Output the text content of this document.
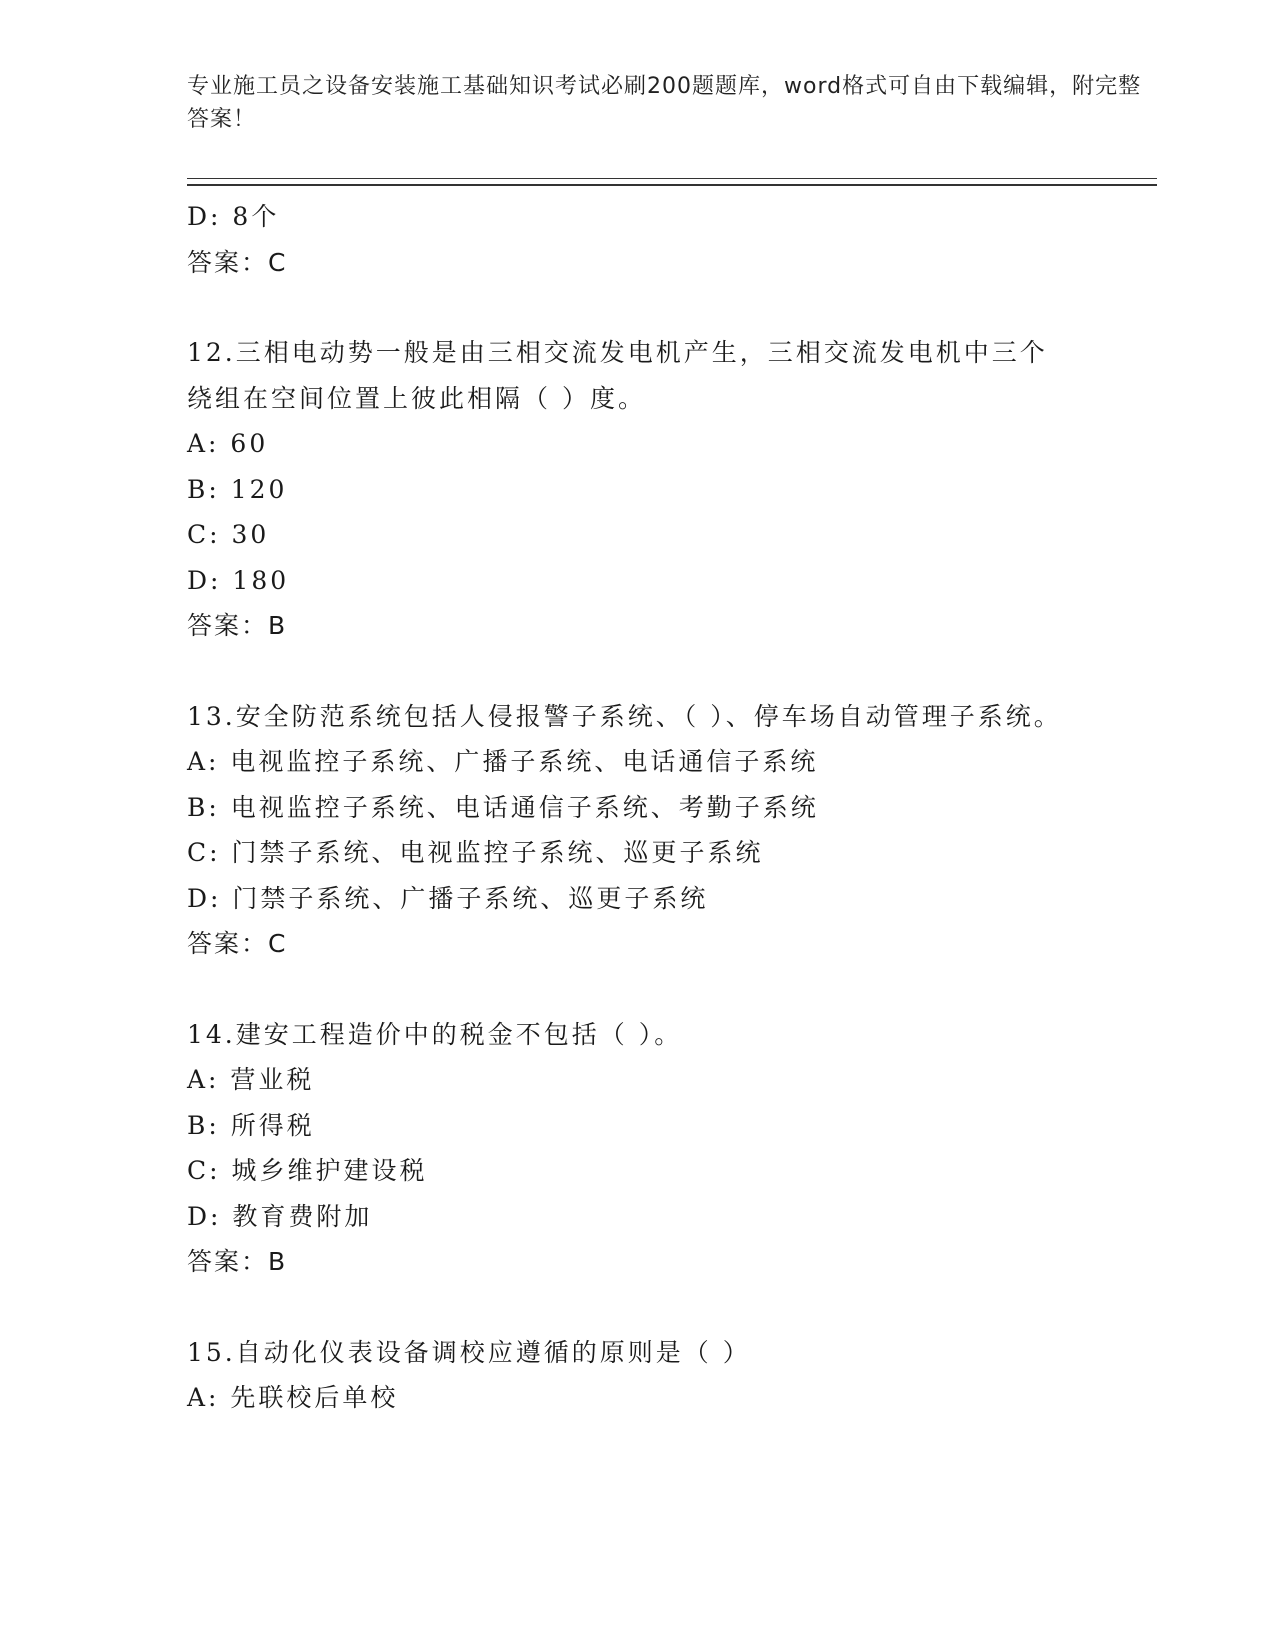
专业施工员之设备安装施工基础知识考试必刷200题题库，word格式可自由下载编辑，附完整答案！

D: 8个
答案：C
12.三相电动势一般是由三相交流发电机产生，三相交流发电机中三个绕组在空间位置上彼此相隔（ ）度。
A: 60
B: 120
C: 30
D: 180
答案：B
13.安全防范系统包括人侵报警子系统、（ ）、停车场自动管理子系统。
A: 电视监控子系统、广播子系统、电话通信子系统
B: 电视监控子系统、电话通信子系统、考勤子系统
C: 门禁子系统、电视监控子系统、巡更子系统
D: 门禁子系统、广播子系统、巡更子系统
答案：C
14.建安工程造价中的税金不包括（ ）。
A: 营业税
B: 所得税
C: 城乡维护建设税
D: 教育费附加
答案：B
15.自动化仪表设备调校应遵循的原则是（ ）
A: 先联校后单校
